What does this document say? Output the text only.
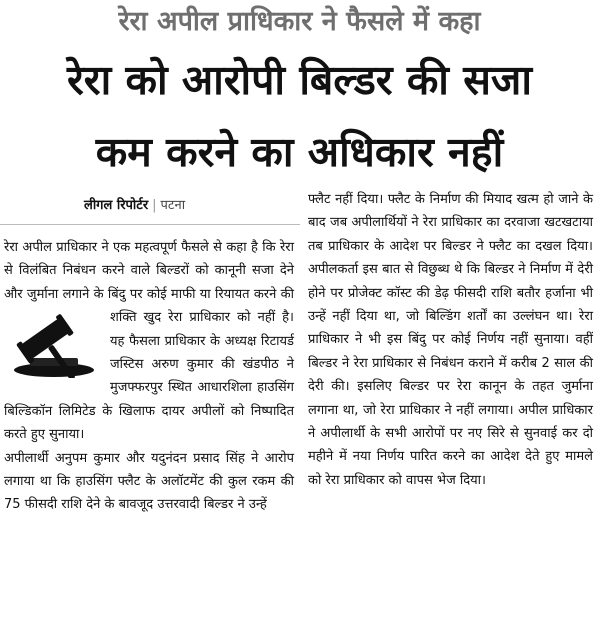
रेरा अपील प्राधिकार ने फैसले में कहा
रेरा को आरोपी बिल्डर की सजा
कम करने का अधिकार नहीं
लीगल रिपोर्टर | पटना

रेरा अपील प्राधिकार ने एक महत्वपूर्ण फैसले से कहा है कि रेरा से विलंबित निबंधन करने वाले बिल्डरों को कानूनी सजा देने और जुर्माना लगाने के बिंदु पर कोई माफी या रियायत करने की शक्ति खुद रेरा प्राधिकार को नहीं है। यह फैसला प्राधिकार के अध्यक्ष रिटायर्ड जस्टिस अरुण कुमार की खंडपीठ ने मुजफ्फरपुर स्थित आधारशिला हाउसिंग बिल्डिकॉन लिमिटेड के खिलाफ दायर अपीलों को निष्पादित करते हुए सुनाया।

अपीलार्थी अनुपम कुमार और यदुनंदन प्रसाद सिंह ने आरोप लगाया था कि हाउसिंग फ्लैट के अलॉटमेंट की कुल रकम की 75 फीसदी राशि देने के बावजूद उत्तरवादी बिल्डर ने उन्हें

फ्लैट नहीं दिया। फ्लैट के निर्माण की मियाद खत्म हो जाने के बाद जब अपीलार्थियों ने रेरा प्राधिकार का दरवाजा खटखटाया तब प्राधिकार के आदेश पर बिल्डर ने फ्लैट का दखल दिया। अपीलकर्ता इस बात से विछुब्ध थे कि बिल्डर ने निर्माण में देरी होने पर प्रोजेक्ट कॉस्ट की डेढ़ फीसदी राशि बतौर हर्जाना भी उन्हें नहीं दिया था, जो बिल्डिंग शर्तों का उल्लंघन था। रेरा प्राधिकार ने भी इस बिंदु पर कोई निर्णय नहीं सुनाया। वहीं बिल्डर ने रेरा प्राधिकार से निबंधन कराने में करीब 2 साल की देरी की। इसलिए बिल्डर पर रेरा कानून के तहत जुर्माना लगाना था, जो रेरा प्राधिकार ने नहीं लगाया। अपील प्राधिकार ने अपीलार्थी के सभी आरोपों पर नए सिरे से सुनवाई कर दो महीने में नया निर्णय पारित करने का आदेश देते हुए मामले को रेरा प्राधिकार को वापस भेज दिया।
